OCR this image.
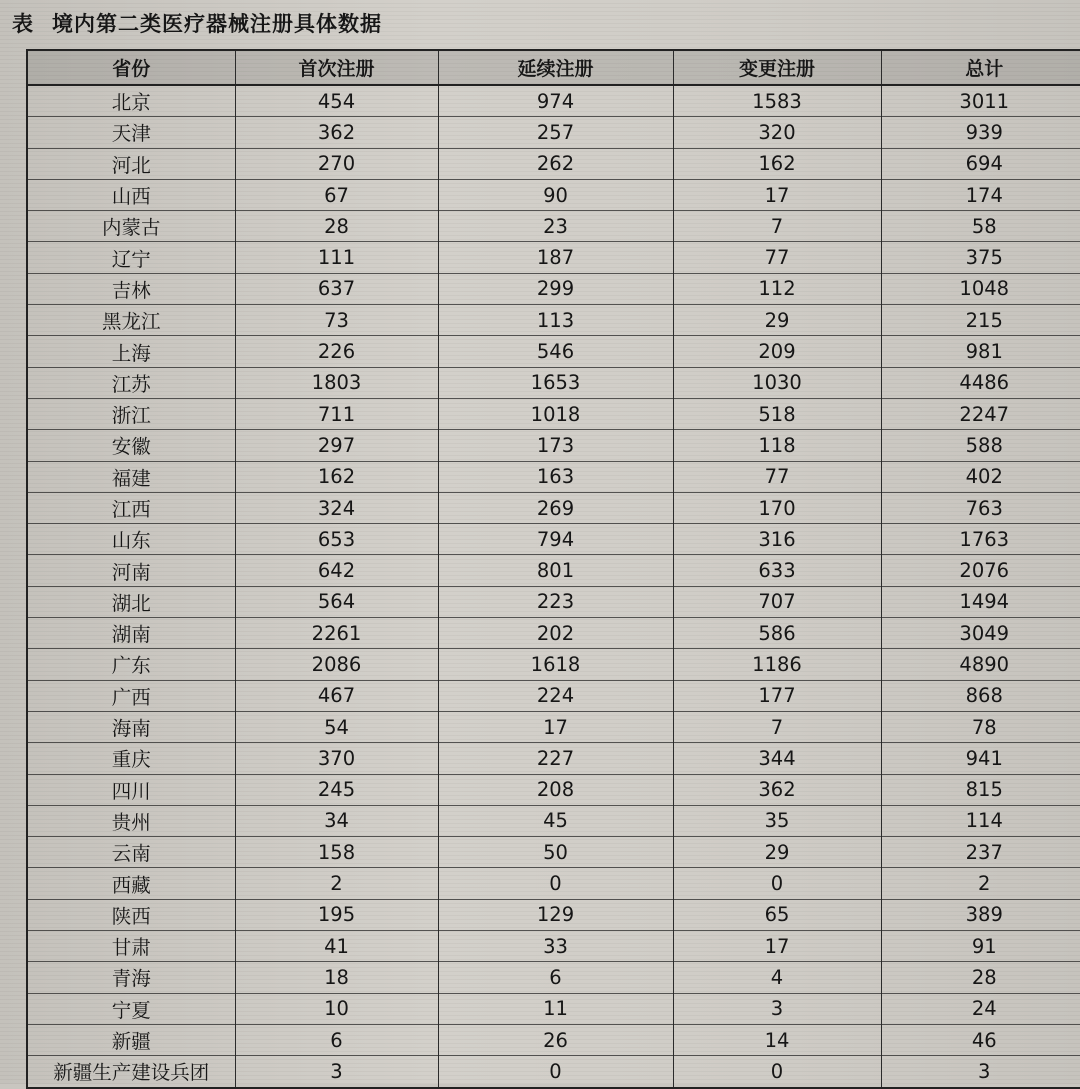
表 境内第二类医疗器械注册具体数据
省份	首次注册	延续注册	变更注册	总计
北京	454	974	1583	3011
天津	362	257	320	939
河北	270	262	162	694
山西	67	90	17	174
内蒙古	28	23	7	58
辽宁	111	187	77	375
吉林	637	299	112	1048
黑龙江	73	113	29	215
上海	226	546	209	981
江苏	1803	1653	1030	4486
浙江	711	1018	518	2247
安徽	297	173	118	588
福建	162	163	77	402
江西	324	269	170	763
山东	653	794	316	1763
河南	642	801	633	2076
湖北	564	223	707	1494
湖南	2261	202	586	3049
广东	2086	1618	1186	4890
广西	467	224	177	868
海南	54	17	7	78
重庆	370	227	344	941
四川	245	208	362	815
贵州	34	45	35	114
云南	158	50	29	237
西藏	2	0	0	2
陕西	195	129	65	389
甘肃	41	33	17	91
青海	18	6	4	28
宁夏	10	11	3	24
新疆	6	26	14	46
新疆生产建设兵团	3	0	0	3
